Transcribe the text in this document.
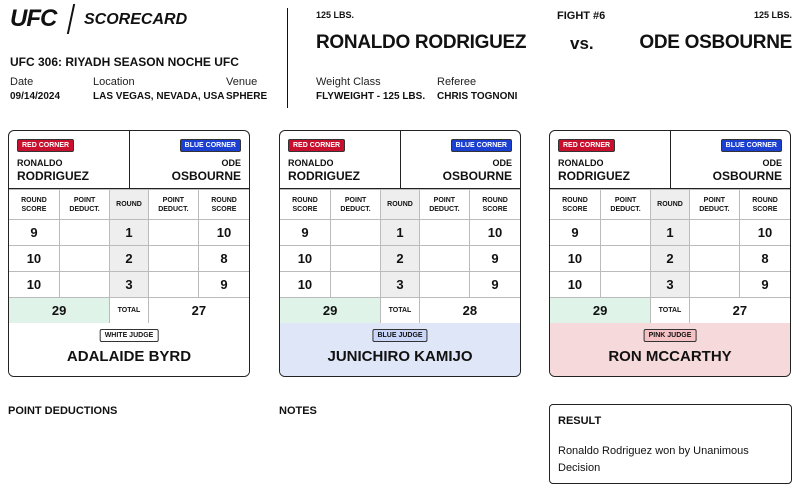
UFC	SCORECARD
UFC 306: RIYADH SEASON NOCHE UFC
Date
09/14/2024
Location
LAS VEGAS, NEVADA, USA
Venue
SPHERE
125 LBS.
RONALDO RODRIGUEZ
FIGHT #6
vs.
125 LBS.
ODE OSBOURNE
Weight Class
FLYWEIGHT - 125 LBS.
Referee
CHRIS TOGNONI
RED CORNER	BLUE CORNER
RONALDO
RODRIGUEZ
ODE
OSBOURNE
ROUND SCORE	POINT DEDUCT.	ROUND	POINT DEDUCT.	ROUND SCORE
9		1		10
10		2		8
10		3		9
29		TOTAL	27	
WHITE JUDGE
ADALAIDE BYRD
RED CORNER	BLUE CORNER
RONALDO
RODRIGUEZ
ODE
OSBOURNE
ROUND SCORE	POINT DEDUCT.	ROUND	POINT DEDUCT.	ROUND SCORE
9		1		10
10		2		9
10		3		9
29		TOTAL	28	
BLUE JUDGE
JUNICHIRO KAMIJO
RED CORNER	BLUE CORNER
RONALDO
RODRIGUEZ
ODE
OSBOURNE
ROUND SCORE	POINT DEDUCT.	ROUND	POINT DEDUCT.	ROUND SCORE
9		1		10
10		2		8
10		3		9
29		TOTAL	27	
PINK JUDGE
RON MCCARTHY
POINT DEDUCTIONS	NOTES
RESULT
Ronaldo Rodriguez won by Unanimous Decision
